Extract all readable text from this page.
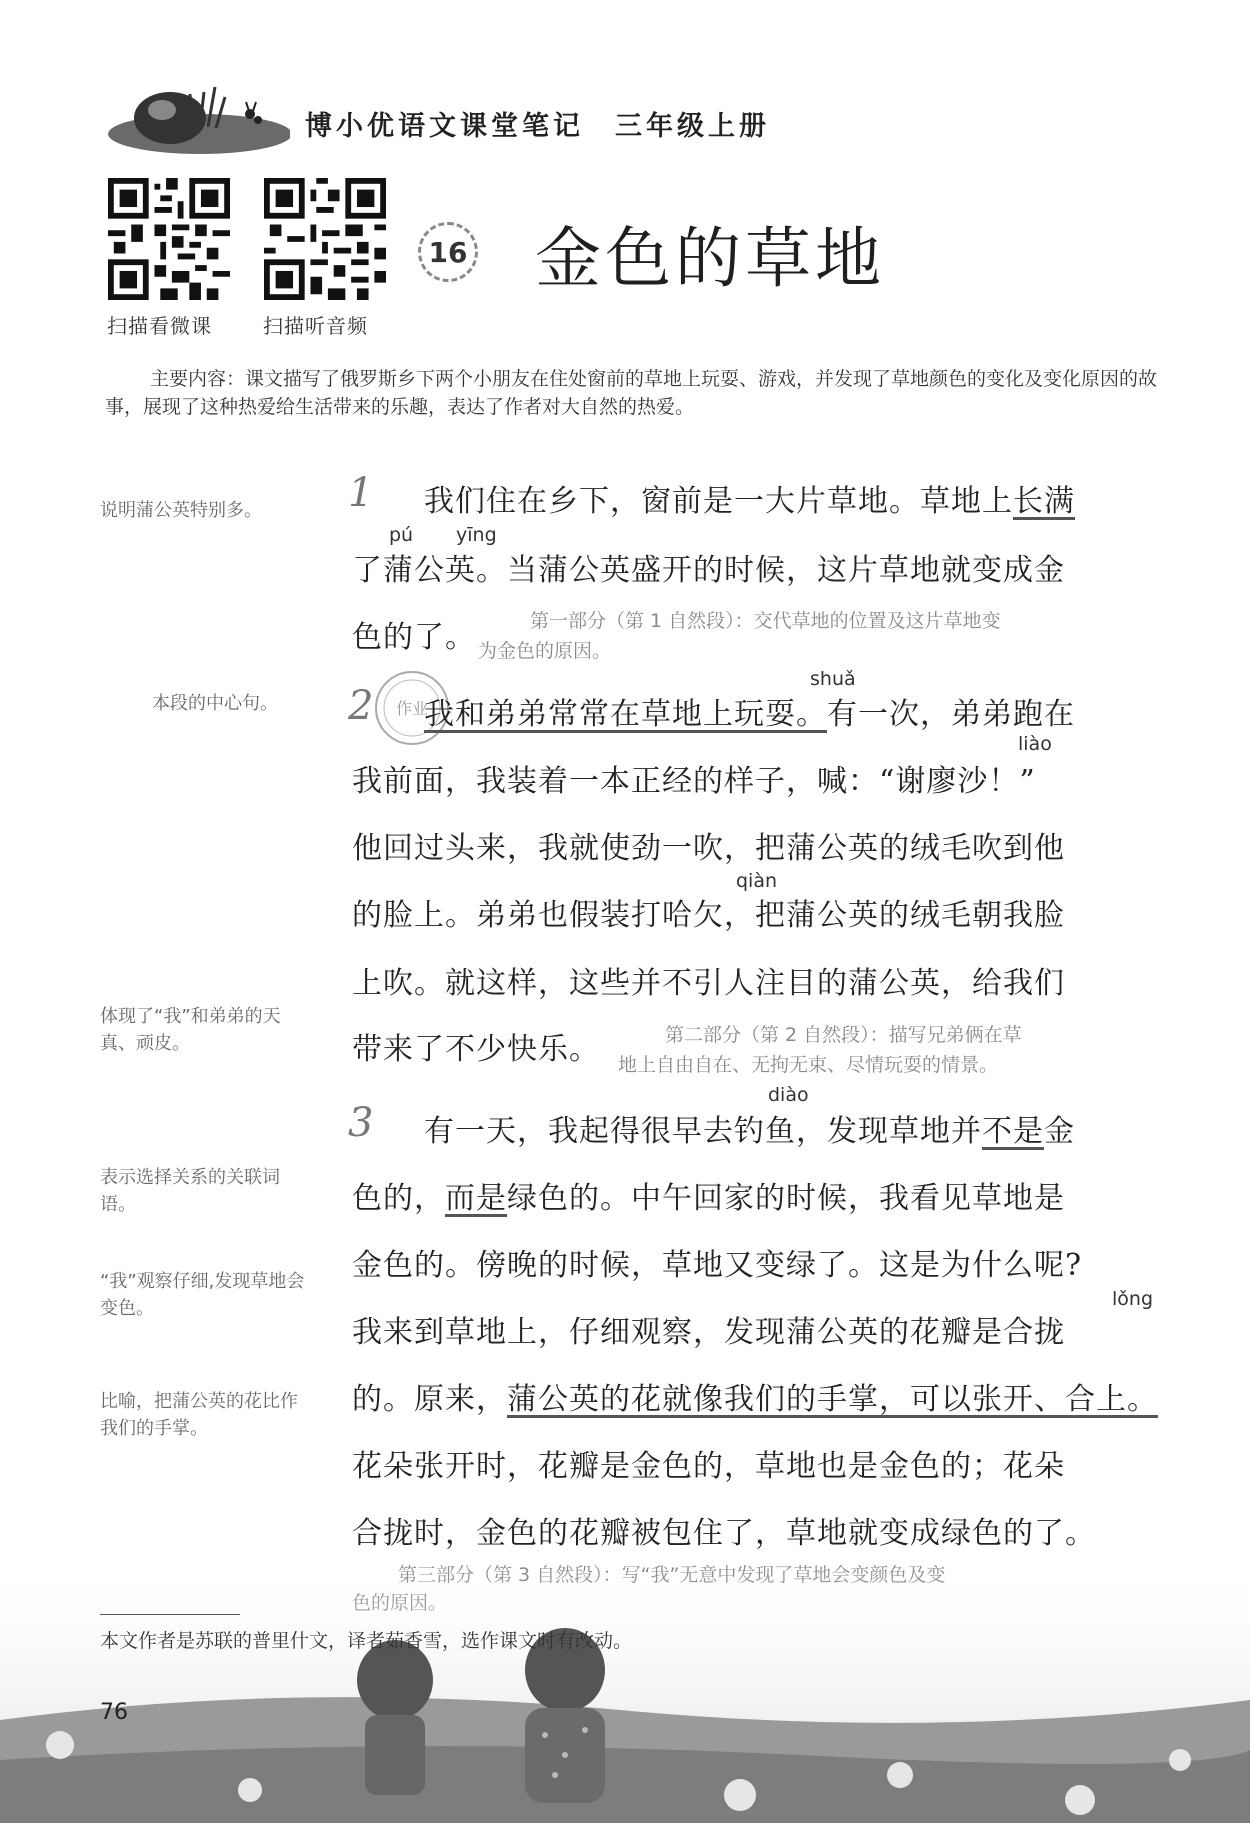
博小优语文课堂笔记　三年级上册
扫描看微课	扫描听音频
16 金色的草地
主要内容：课文描写了俄罗斯乡下两个小朋友在住处窗前的草地上玩耍、游戏，并发现了草地颜色的变化及变化原因的故事，展现了这种热爱给生活带来的乐趣，表达了作者对大自然的热爱。
说明蒲公英特别多。
本段的中心句。
体现了“我”和弟弟的天真、顽皮。
表示选择关系的关联词语。
“我”观察仔细,发现草地会变色。
比喻，把蒲公英的花比作我们的手掌。
1 我们住在乡下，窗前是一大片草地。草地上长满
pú yīng
了蒲公英。当蒲公英盛开的时候，这片草地就变成金
第一部分（第 1 自然段）：交代草地的位置及这片草地变
色的了。 为金色的原因。
作业
shuǎ
2 我和弟弟常常在草地上玩耍。有一次，弟弟跑在
liào
我前面，我装着一本正经的样子，喊：“谢廖沙！”
他回过头来，我就使劲一吹，把蒲公英的绒毛吹到他
qiàn
的脸上。弟弟也假装打哈欠，把蒲公英的绒毛朝我脸
上吹。就这样，这些并不引人注目的蒲公英，给我们
第二部分（第 2 自然段）：描写兄弟俩在草
带来了不少快乐。 地上自由自在、无拘无束、尽情玩耍的情景。
diào
3 有一天，我起得很早去钓鱼，发现草地并不是金
色的，而是绿色的。中午回家的时候，我看见草地是
金色的。傍晚的时候，草地又变绿了。这是为什么呢?
lǒng
我来到草地上，仔细观察，发现蒲公英的花瓣是合拢
的。原来，蒲公英的花就像我们的手掌，可以张开、合上。
花朵张开时，花瓣是金色的，草地也是金色的；花朵
合拢时，金色的花瓣被包住了，草地就变成绿色的了。
本文作者是苏联的普里什文，译者茹香雪，选作课文时有改动。
76
